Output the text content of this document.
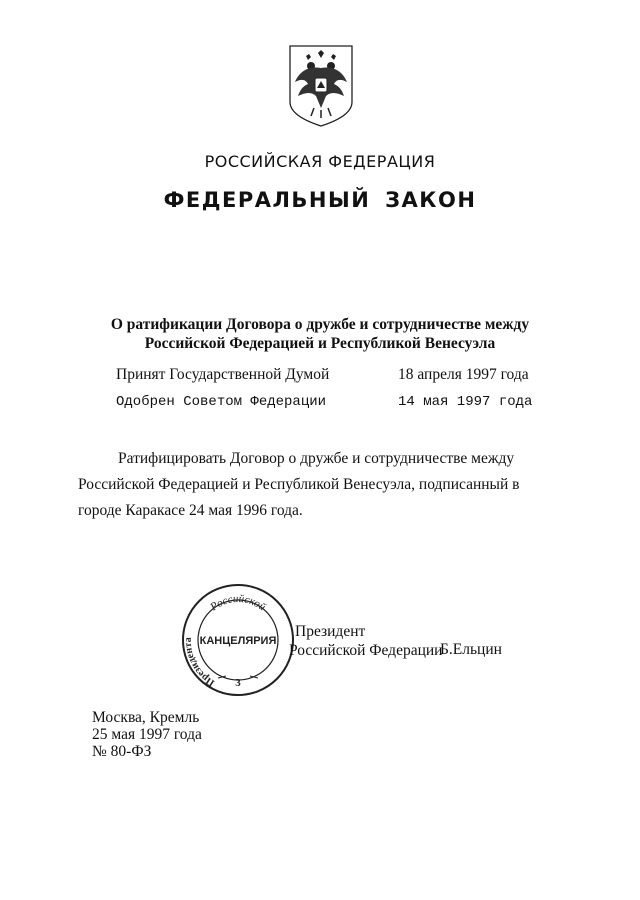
РОССИЙСКАЯ ФЕДЕРАЦИЯ
ФЕДЕРАЛЬНЫЙ ЗАКОН
О ратификации Договора о дружбе и сотрудничестве между
Российской Федерацией и Республикой Венесуэла
Принят Государственной Думой	18 апреля 1997 года
Одобрен Советом Федерации	14 мая 1997 года
Ратифицировать Договор о дружбе и сотрудничестве между Российской Федерацией и Республикой Венесуэла, подписанный в городе Каракасе 24 мая 1996 года.
Российской
Президента КАНЦЕЛЯРИЯ
3
Президент
Российской Федерации
Б.Ельцин
Москва, Кремль
25 мая 1997 года
№ 80-ФЗ
